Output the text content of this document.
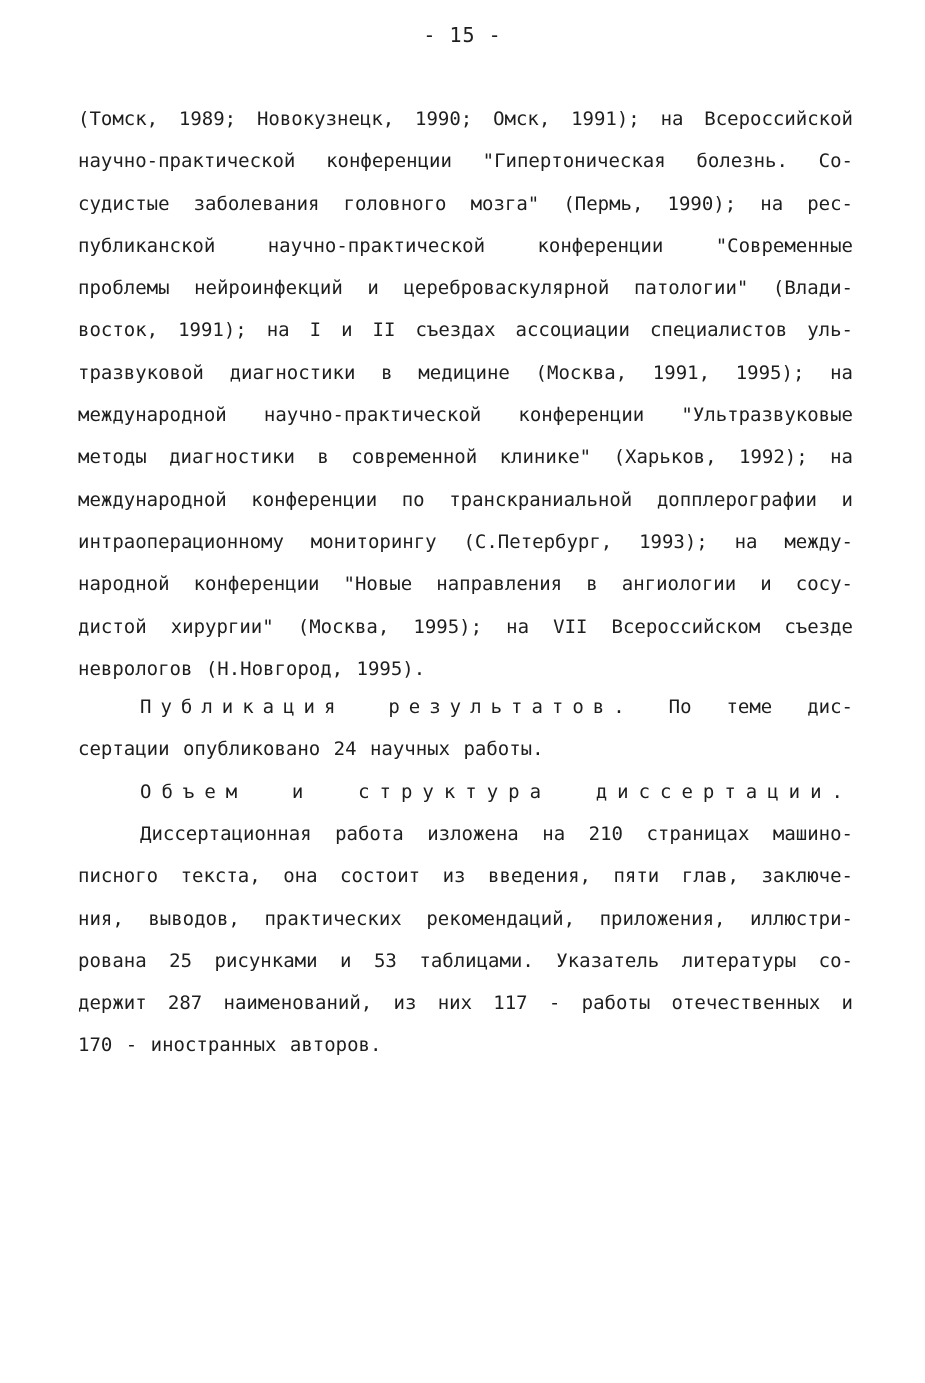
- 15 -
(Томск, 1989; Новокузнецк, 1990; Омск, 1991); на Всероссийской
научно-практической конференции "Гипертоническая болезнь. Со-
судистые заболевания головного мозга" (Пермь, 1990); на рес-
публиканской научно-практической конференции "Современные
проблемы нейроинфекций и цереброваскулярной патологии" (Влади-
восток, 1991); на I и II съездах ассоциации специалистов уль-
тразвуковой диагностики в медицине (Москва, 1991, 1995); на
международной научно-практической конференции "Ультразвуковые
методы диагностики в современной клинике" (Харьков, 1992); на
международной конференции по транскраниальной допплерографии и
интраоперационному мониторингу (С.Петербург, 1993); на между-
народной конференции "Новые направления в ангиологии и сосу-
дистой хирургии" (Москва, 1995); на VII Всероссийском съезде
неврологов (Н.Новгород, 1995).
Публикация результатов. По теме дис-
сертации опубликовано 24 научных работы.
Объем и структура диссертации.
Диссертационная работа изложена на 210 страницах машино-
писного текста, она состоит из введения, пяти глав, заключе-
ния, выводов, практических рекомендаций, приложения, иллюстри-
рована 25 рисунками и 53 таблицами. Указатель литературы со-
держит 287 наименований, из них 117 - работы отечественных и
170 - иностранных авторов.
